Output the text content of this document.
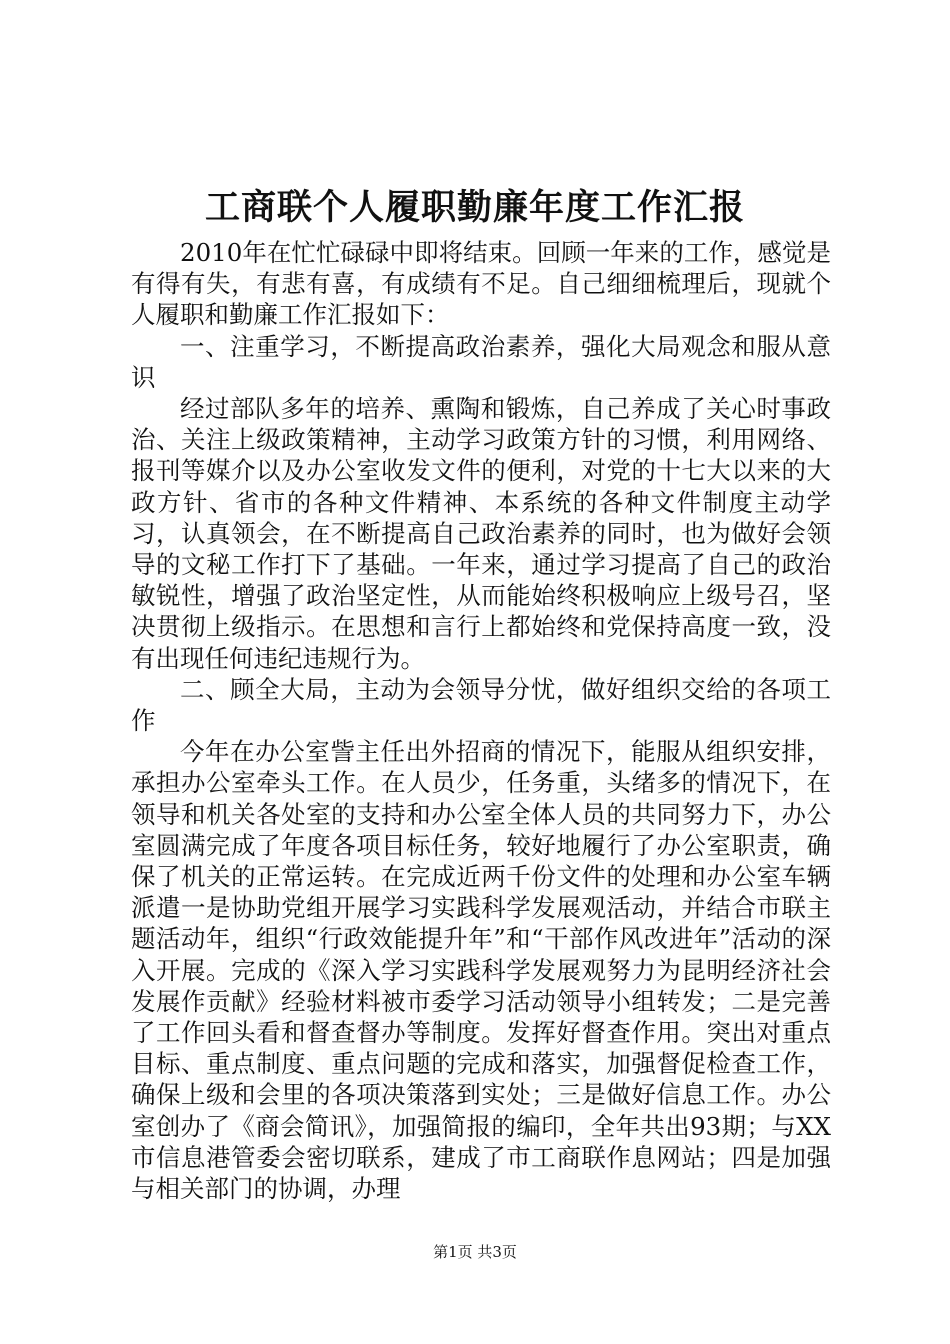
工商联个人履职勤廉年度工作汇报

2010年在忙忙碌碌中即将结束。回顾一年来的工作，感觉是有得有失，有悲有喜，有成绩有不足。自己细细梳理后，现就个人履职和勤廉工作汇报如下：

一、注重学习，不断提高政治素养，强化大局观念和服从意识

经过部队多年的培养、熏陶和锻炼，自己养成了关心时事政治、关注上级政策精神，主动学习政策方针的习惯，利用网络、报刊等媒介以及办公室收发文件的便利，对党的十七大以来的大政方针、省市的各种文件精神、本系统的各种文件制度主动学习，认真领会，在不断提高自己政治素养的同时，也为做好会领导的文秘工作打下了基础。一年来，通过学习提高了自己的政治敏锐性，增强了政治坚定性，从而能始终积极响应上级号召，坚决贯彻上级指示。在思想和言行上都始终和党保持高度一致，没有出现任何违纪违规行为。

二、顾全大局，主动为会领导分忧，做好组织交给的各项工作

今年在办公室訾主任出外招商的情况下，能服从组织安排，承担办公室牵头工作。在人员少，任务重，头绪多的情况下，在领导和机关各处室的支持和办公室全体人员的共同努力下，办公室圆满完成了年度各项目标任务，较好地履行了办公室职责，确保了机关的正常运转。在完成近两千份文件的处理和办公室车辆派遣一是协助党组开展学习实践科学发展观活动，并结合市联主题活动年，组织“行政效能提升年”和“干部作风改进年”活动的深入开展。完成的《深入学习实践科学发展观努力为昆明经济社会发展作贡献》经验材料被市委学习活动领导小组转发；二是完善了工作回头看和督查督办等制度。发挥好督查作用。突出对重点目标、重点制度、重点问题的完成和落实，加强督促检查工作，确保上级和会里的各项决策落到实处；三是做好信息工作。办公室创办了《商会简讯》，加强简报的编印，全年共出93期；与XX市信息港管委会密切联系，建成了市工商联作息网站；四是加强与相关部门的协调，办理

第1页 共3页
